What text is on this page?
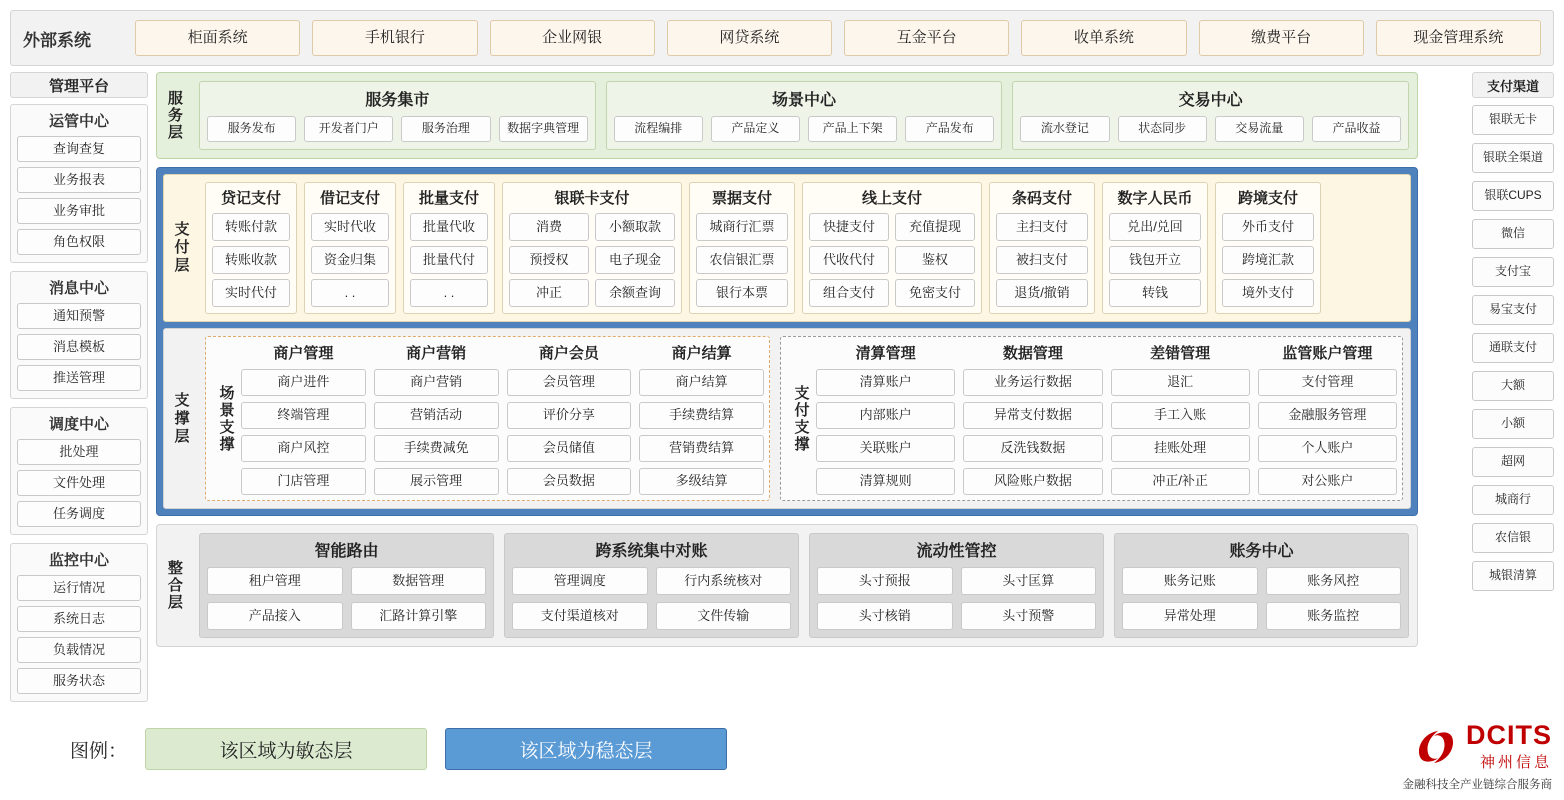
外部系统	柜面系统	手机银行	企业网银	网贷系统	互金平台	收单系统	缴费平台	现金管理系统
管理平台
运管中心
查询查复
业务报表
业务审批
角色权限
消息中心
通知预警
消息模板
推送管理
调度中心
批处理
文件处理
任务调度
监控中心
运行情况
系统日志
负载情况
服务状态
支付渠道
银联无卡
银联全渠道
银联CUPS
微信
支付宝
易宝支付
通联支付
大额
小额
超网
城商行
农信银
城银清算
服务层	服务集市
服务发布	开发者门户	服务治理	数据字典管理
场景中心
流程编排	产品定义	产品上下架	产品发布
交易中心
流水登记	状态同步	交易流量	产品收益
支付层
贷记支付
转账付款
转账收款
实时代付
借记支付
实时代收
资金归集
. .
批量支付
批量代收
批量代付
. .
银联卡支付
消费	小额取款
预授权	电子现金
冲正	余额查询
票据支付
城商行汇票
农信银汇票
银行本票
线上支付
快捷支付	充值提现
代收代付	鉴权
组合支付	免密支付
条码支付
主扫支付
被扫支付
退货/撤销
数字人民币
兑出/兑回
钱包开立
转钱
跨境支付
外币支付
跨境汇款
境外支付
支撑层	场景支撑
商户管理
商户进件
终端管理
商户风控
门店管理
商户营销
商户营销
营销活动
手续费减免
展示管理
商户会员
会员管理
评价分享
会员储值
会员数据
商户结算
商户结算
手续费结算
营销费结算
多级结算
支付支撑
清算管理
清算账户
内部账户
关联账户
清算规则
数据管理
业务运行数据
异常支付数据
反洗钱数据
风险账户数据
差错管理
退汇
手工入账
挂账处理
冲正/补正
监管账户管理
支付管理
金融服务管理
个人账户
对公账户
整合层
智能路由
租户管理	数据管理
产品接入	汇路计算引擎
跨系统集中对账
管理调度	行内系统核对
支付渠道核对	文件传输
流动性管控
头寸预报	头寸匡算
头寸核销	头寸预警
账务中心
账务记账	账务风控
异常处理	账务监控
图例：	该区域为敏态层	该区域为稳态层
DCITS
神州信息
金融科技全产业链综合服务商
